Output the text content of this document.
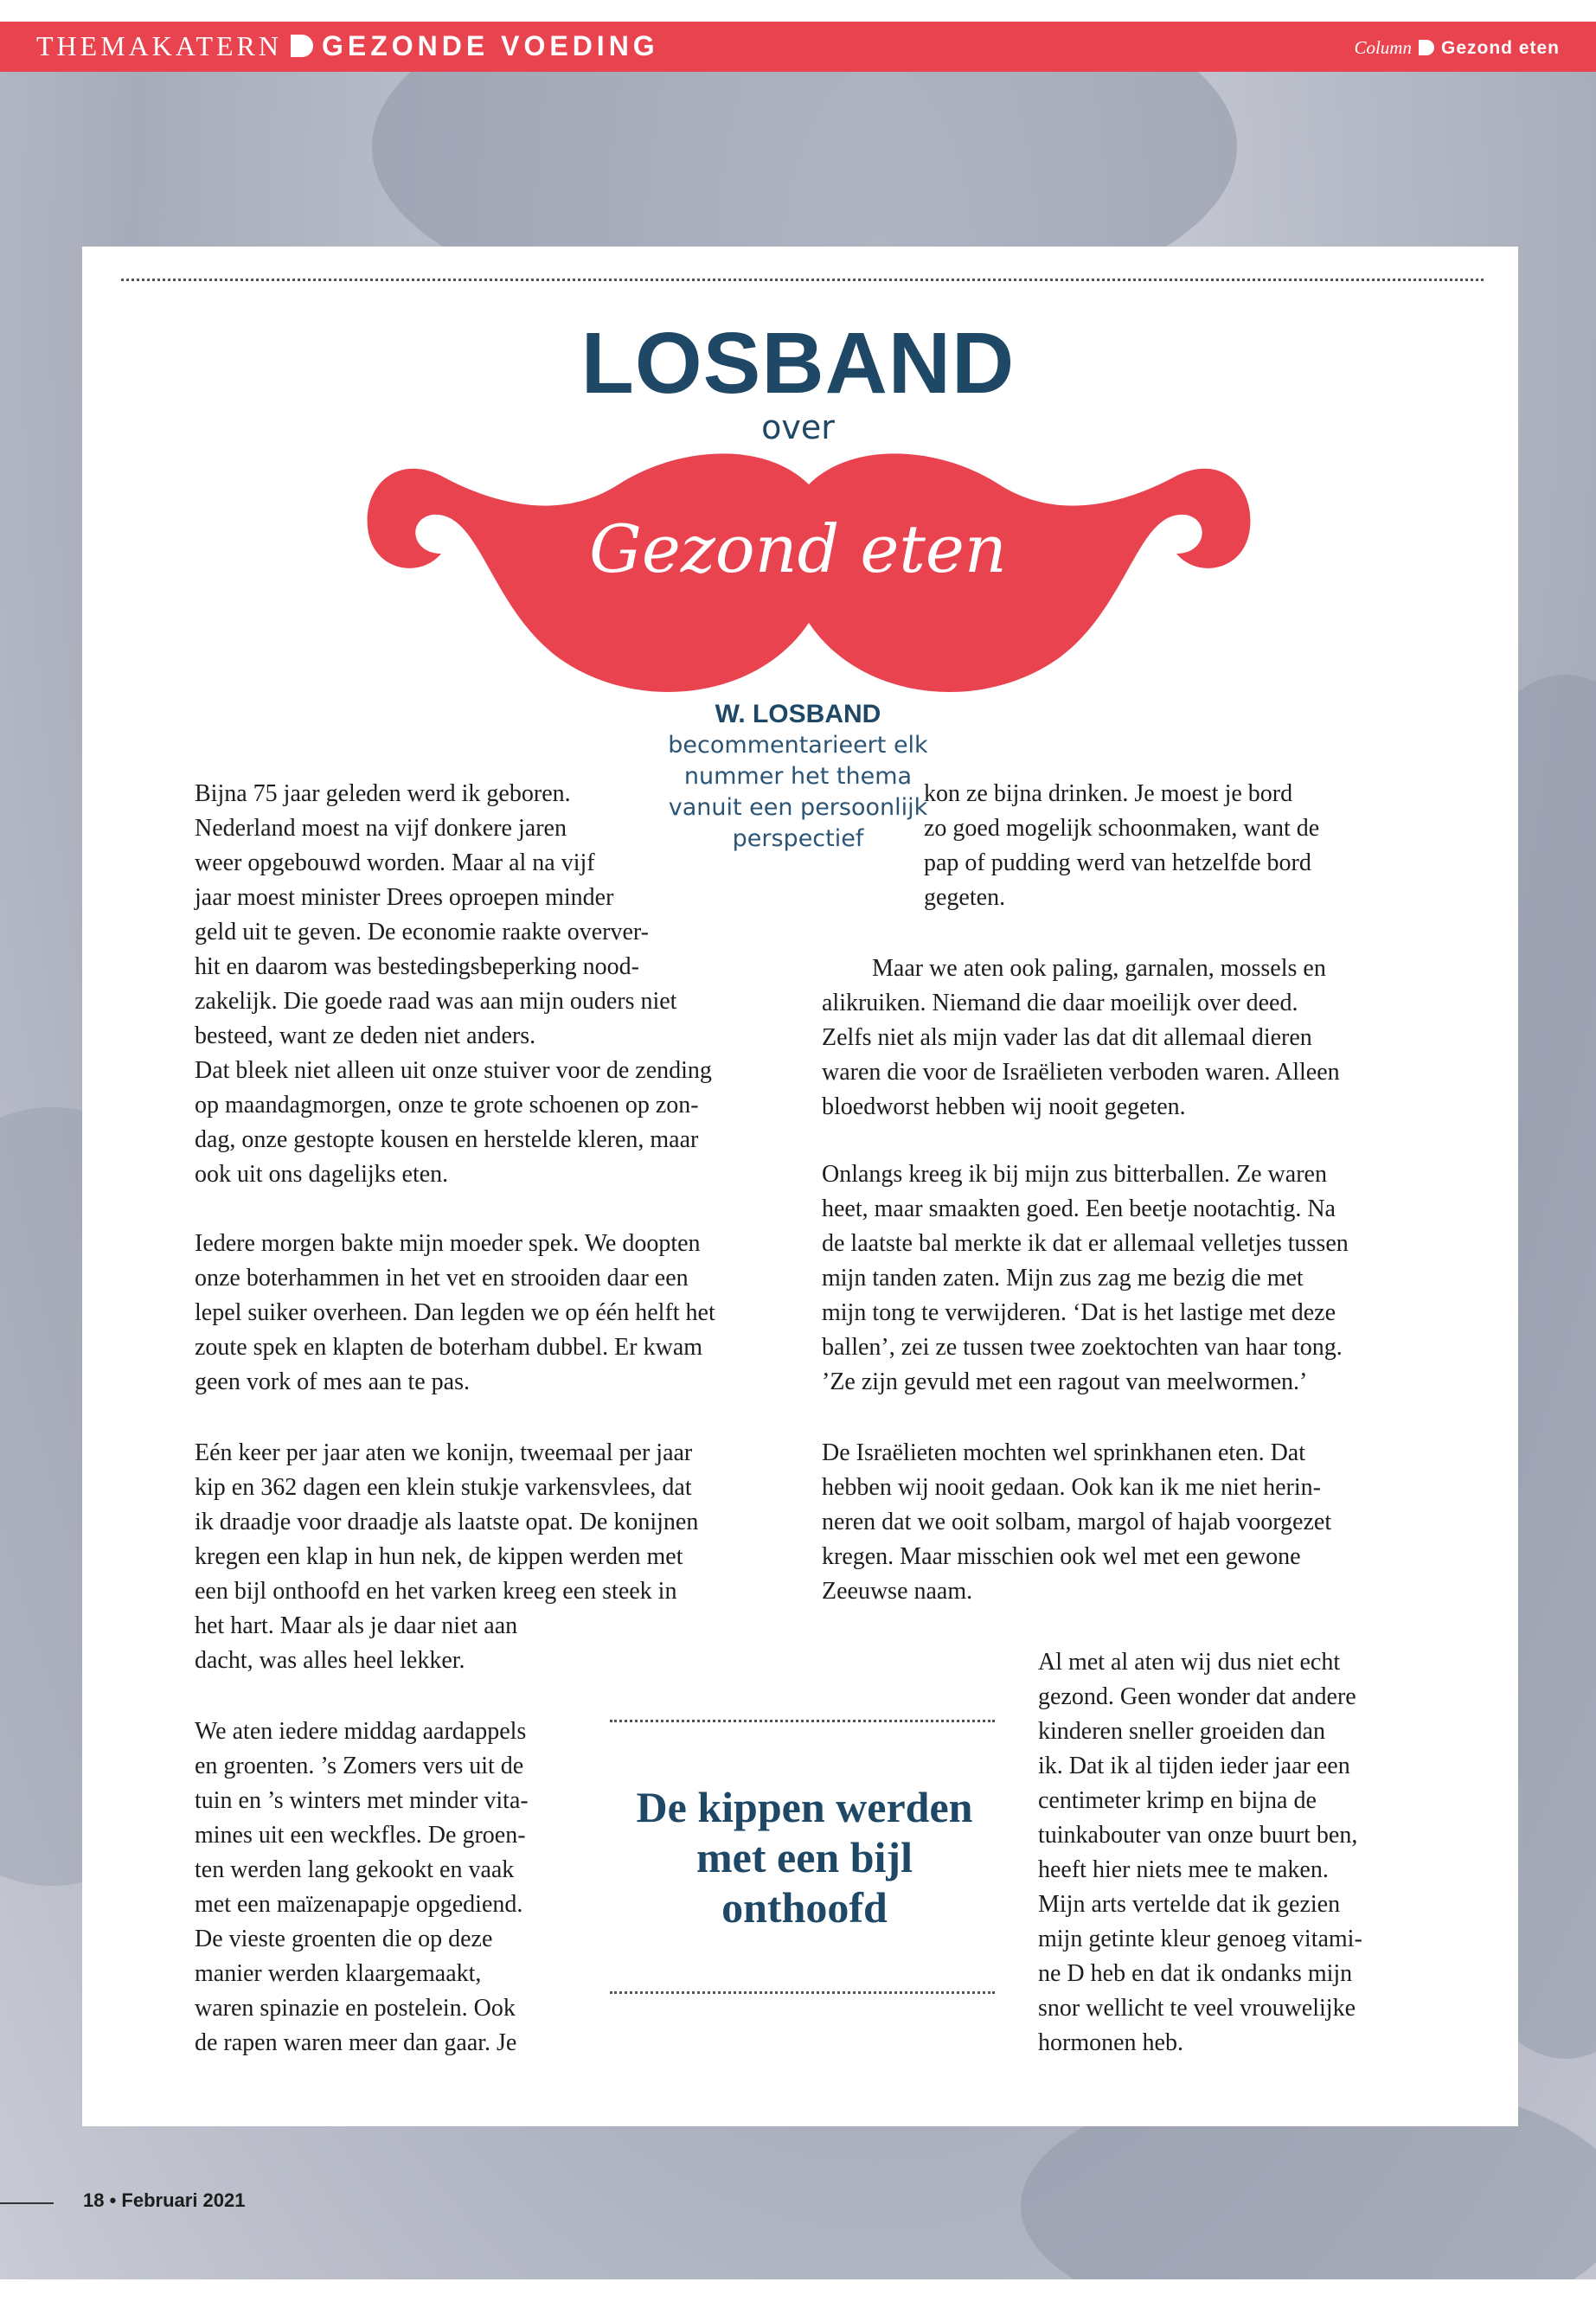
THEMAKATERN GEZONDE VOEDING	Column Gezond eten
LOSBAND
over
Gezond eten
W. LOSBAND
becommentarieert elk nummer het thema vanuit een persoonlijk perspectief
Bijna 75 jaar geleden werd ik geboren.
Nederland moest na vijf donkere jaren
weer opgebouwd worden. Maar al na vijf
jaar moest minister Drees oproepen minder
geld uit te geven. De economie raakte overver-
hit en daarom was bestedingsbeperking nood-
zakelijk. Die goede raad was aan mijn ouders niet
besteed, want ze deden niet anders.
Dat bleek niet alleen uit onze stuiver voor de zending
op maandagmorgen, onze te grote schoenen op zon-
dag, onze gestopte kousen en herstelde kleren, maar
ook uit ons dagelijks eten.
Iedere morgen bakte mijn moeder spek. We doopten
onze boterhammen in het vet en strooiden daar een
lepel suiker overheen. Dan legden we op één helft het
zoute spek en klapten de boterham dubbel. Er kwam
geen vork of mes aan te pas.
Eén keer per jaar aten we konijn, tweemaal per jaar
kip en 362 dagen een klein stukje varkensvlees, dat
ik draadje voor draadje als laatste opat. De konijnen
kregen een klap in hun nek, de kippen werden met
een bijl onthoofd en het varken kreeg een steek in
het hart. Maar als je daar niet aan
dacht, was alles heel lekker.
We aten iedere middag aardappels
en groenten. ’s Zomers vers uit de
tuin en ’s winters met minder vita-
mines uit een weckfles. De groen-
ten werden lang gekookt en vaak
met een maïzenapapje opgediend.
De vieste groenten die op deze
manier werden klaargemaakt,
waren spinazie en postelein. Ook
de rapen waren meer dan gaar. Je
kon ze bijna drinken. Je moest je bord
zo goed mogelijk schoonmaken, want de
pap of pudding werd van hetzelfde bord
gegeten.
Maar we aten ook paling, garnalen, mossels en
alikruiken. Niemand die daar moeilijk over deed.
Zelfs niet als mijn vader las dat dit allemaal dieren
waren die voor de Israëlieten verboden waren. Alleen
bloedworst hebben wij nooit gegeten.
Onlangs kreeg ik bij mijn zus bitterballen. Ze waren
heet, maar smaakten goed. Een beetje nootachtig. Na
de laatste bal merkte ik dat er allemaal velletjes tussen
mijn tanden zaten. Mijn zus zag me bezig die met
mijn tong te verwijderen. ‘Dat is het lastige met deze
ballen’, zei ze tussen twee zoektochten van haar tong.
’Ze zijn gevuld met een ragout van meelwormen.’
De Israëlieten mochten wel sprinkhanen eten. Dat
hebben wij nooit gedaan. Ook kan ik me niet herin-
neren dat we ooit solbam, margol of hajab voorgezet
kregen. Maar misschien ook wel met een gewone
Zeeuwse naam.
Al met al aten wij dus niet echt
gezond. Geen wonder dat andere
kinderen sneller groeiden dan
ik. Dat ik al tijden ieder jaar een
centimeter krimp en bijna de
tuinkabouter van onze buurt ben,
heeft hier niets mee te maken.
Mijn arts vertelde dat ik gezien
mijn getinte kleur genoeg vitami-
ne D heb en dat ik ondanks mijn
snor wellicht te veel vrouwelijke
hormonen heb.
De kippen werden met een bijl onthoofd
18 • Februari 2021
